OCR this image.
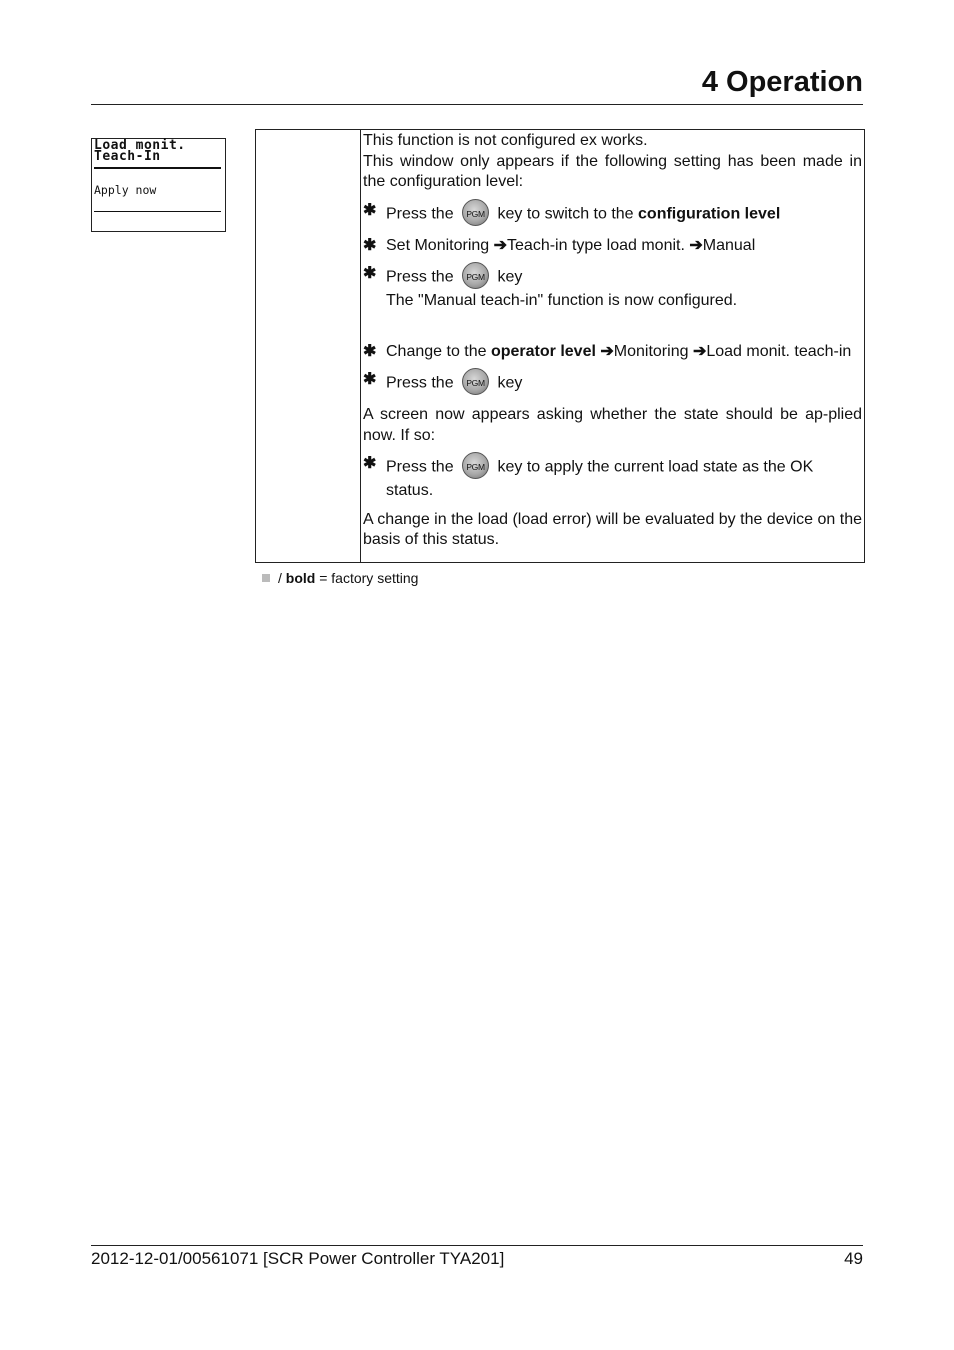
4 Operation
Load monit.
Teach-In
Apply now

This function is not configured ex works.

This window only appears if the following setting has been made in the configuration level:

✱ Press the PGM key to switch to the configuration level

✱ Set Monitoring ➔Teach-in type load monit. ➔Manual

✱ Press the PGM key
The "Manual teach-in" function is now configured.

✱ Change to the operator level ➔Monitoring ➔Load monit. teach-in

✱ Press the PGM key

A screen now appears asking whether the state should be ap-plied now. If so:

✱ Press the PGM key to apply the current load state as the OK status.

A change in the load (load error) will be evaluated by the device on the basis of this status.

/ bold = factory setting
2012-12-01/00561071 [SCR Power Controller TYA201]	49
